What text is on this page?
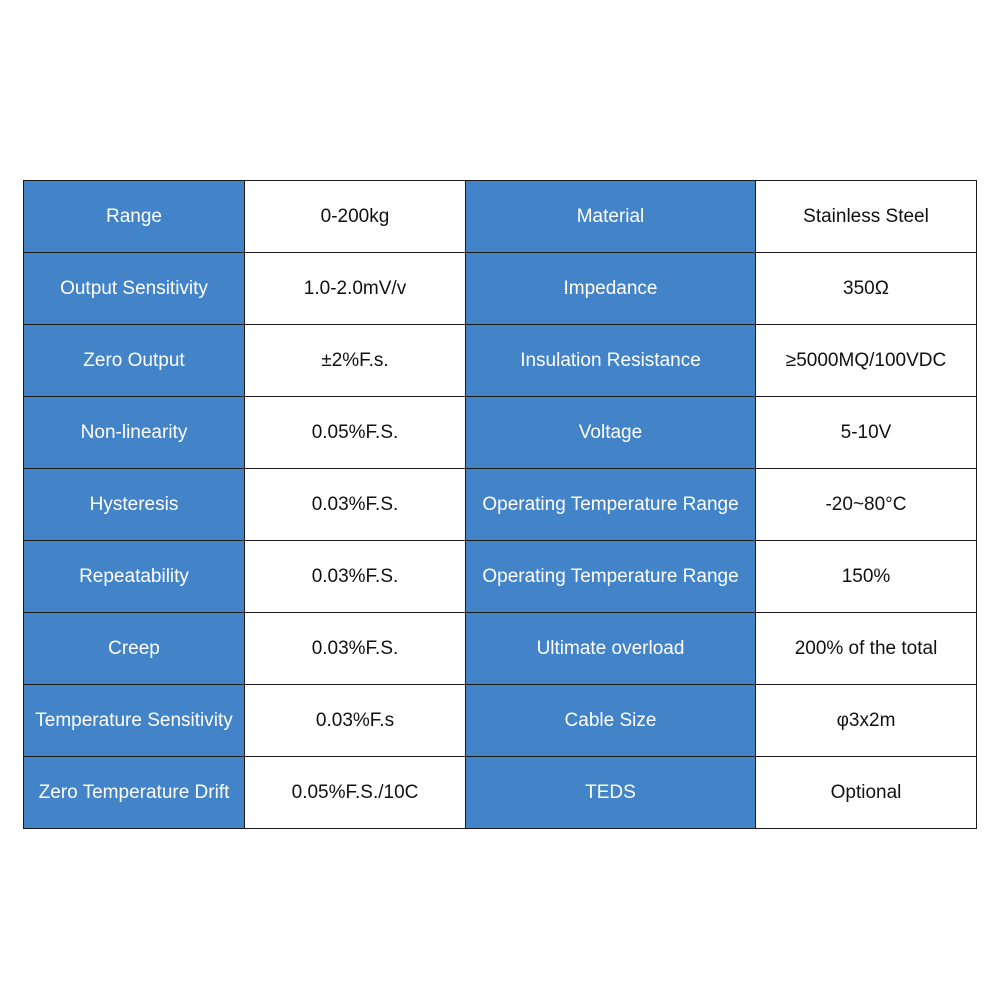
Range	0-200kg	Material	Stainless Steel
Output Sensitivity	1.0-2.0mV/v	Impedance	350Ω
Zero Output	±2%F.s.	Insulation Resistance	≥5000MQ/100VDC
Non-linearity	0.05%F.S.	Voltage	5-10V
Hysteresis	0.03%F.S.	Operating Temperature Range	-20~80°C
Repeatability	0.03%F.S.	Operating Temperature Range	150%
Creep	0.03%F.S.	Ultimate overload	200% of the total
Temperature Sensitivity	0.03%F.s	Cable Size	φ3x2m
Zero Temperature Drift	0.05%F.S./10C	TEDS	Optional
